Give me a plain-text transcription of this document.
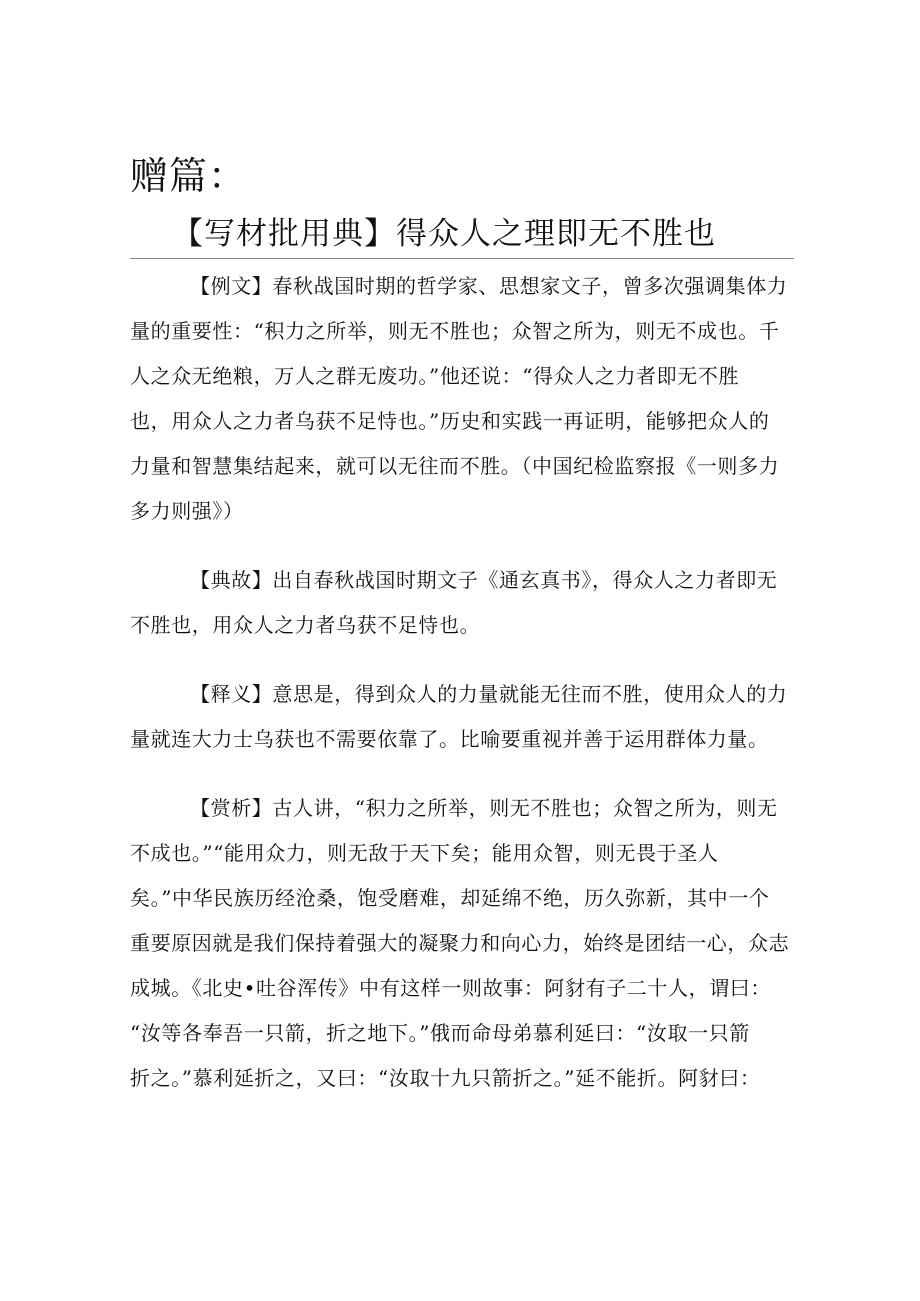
赠篇：
【写材批用典】得众人之理即无不胜也
【例文】春秋战国时期的哲学家、思想家文子，曾多次强调集体力
量的重要性：“积力之所举，则无不胜也；众智之所为，则无不成也。千
人之众无绝粮，万人之群无废功。”他还说：“得众人之力者即无不胜
也，用众人之力者乌获不足恃也。”历史和实践一再证明，能够把众人的
力量和智慧集结起来，就可以无往而不胜。（中国纪检监察报《一则多力
多力则强》）
【典故】出自春秋战国时期文子《通玄真书》，得众人之力者即无
不胜也，用众人之力者乌获不足恃也。
【释义】意思是，得到众人的力量就能无往而不胜，使用众人的力
量就连大力士乌获也不需要依靠了。比喻要重视并善于运用群体力量。
【赏析】古人讲，“积力之所举，则无不胜也；众智之所为，则无
不成也。”“能用众力，则无敌于天下矣；能用众智，则无畏于圣人
矣。”中华民族历经沧桑，饱受磨难，却延绵不绝，历久弥新，其中一个
重要原因就是我们保持着强大的凝聚力和向心力，始终是团结一心，众志
成城。《北史•吐谷浑传》中有这样一则故事：阿豺有子二十人，谓曰：
“汝等各奉吾一只箭，折之地下。”俄而命母弟慕利延曰：“汝取一只箭
折之。”慕利延折之，又曰：“汝取十九只箭折之。”延不能折。阿豺曰：
